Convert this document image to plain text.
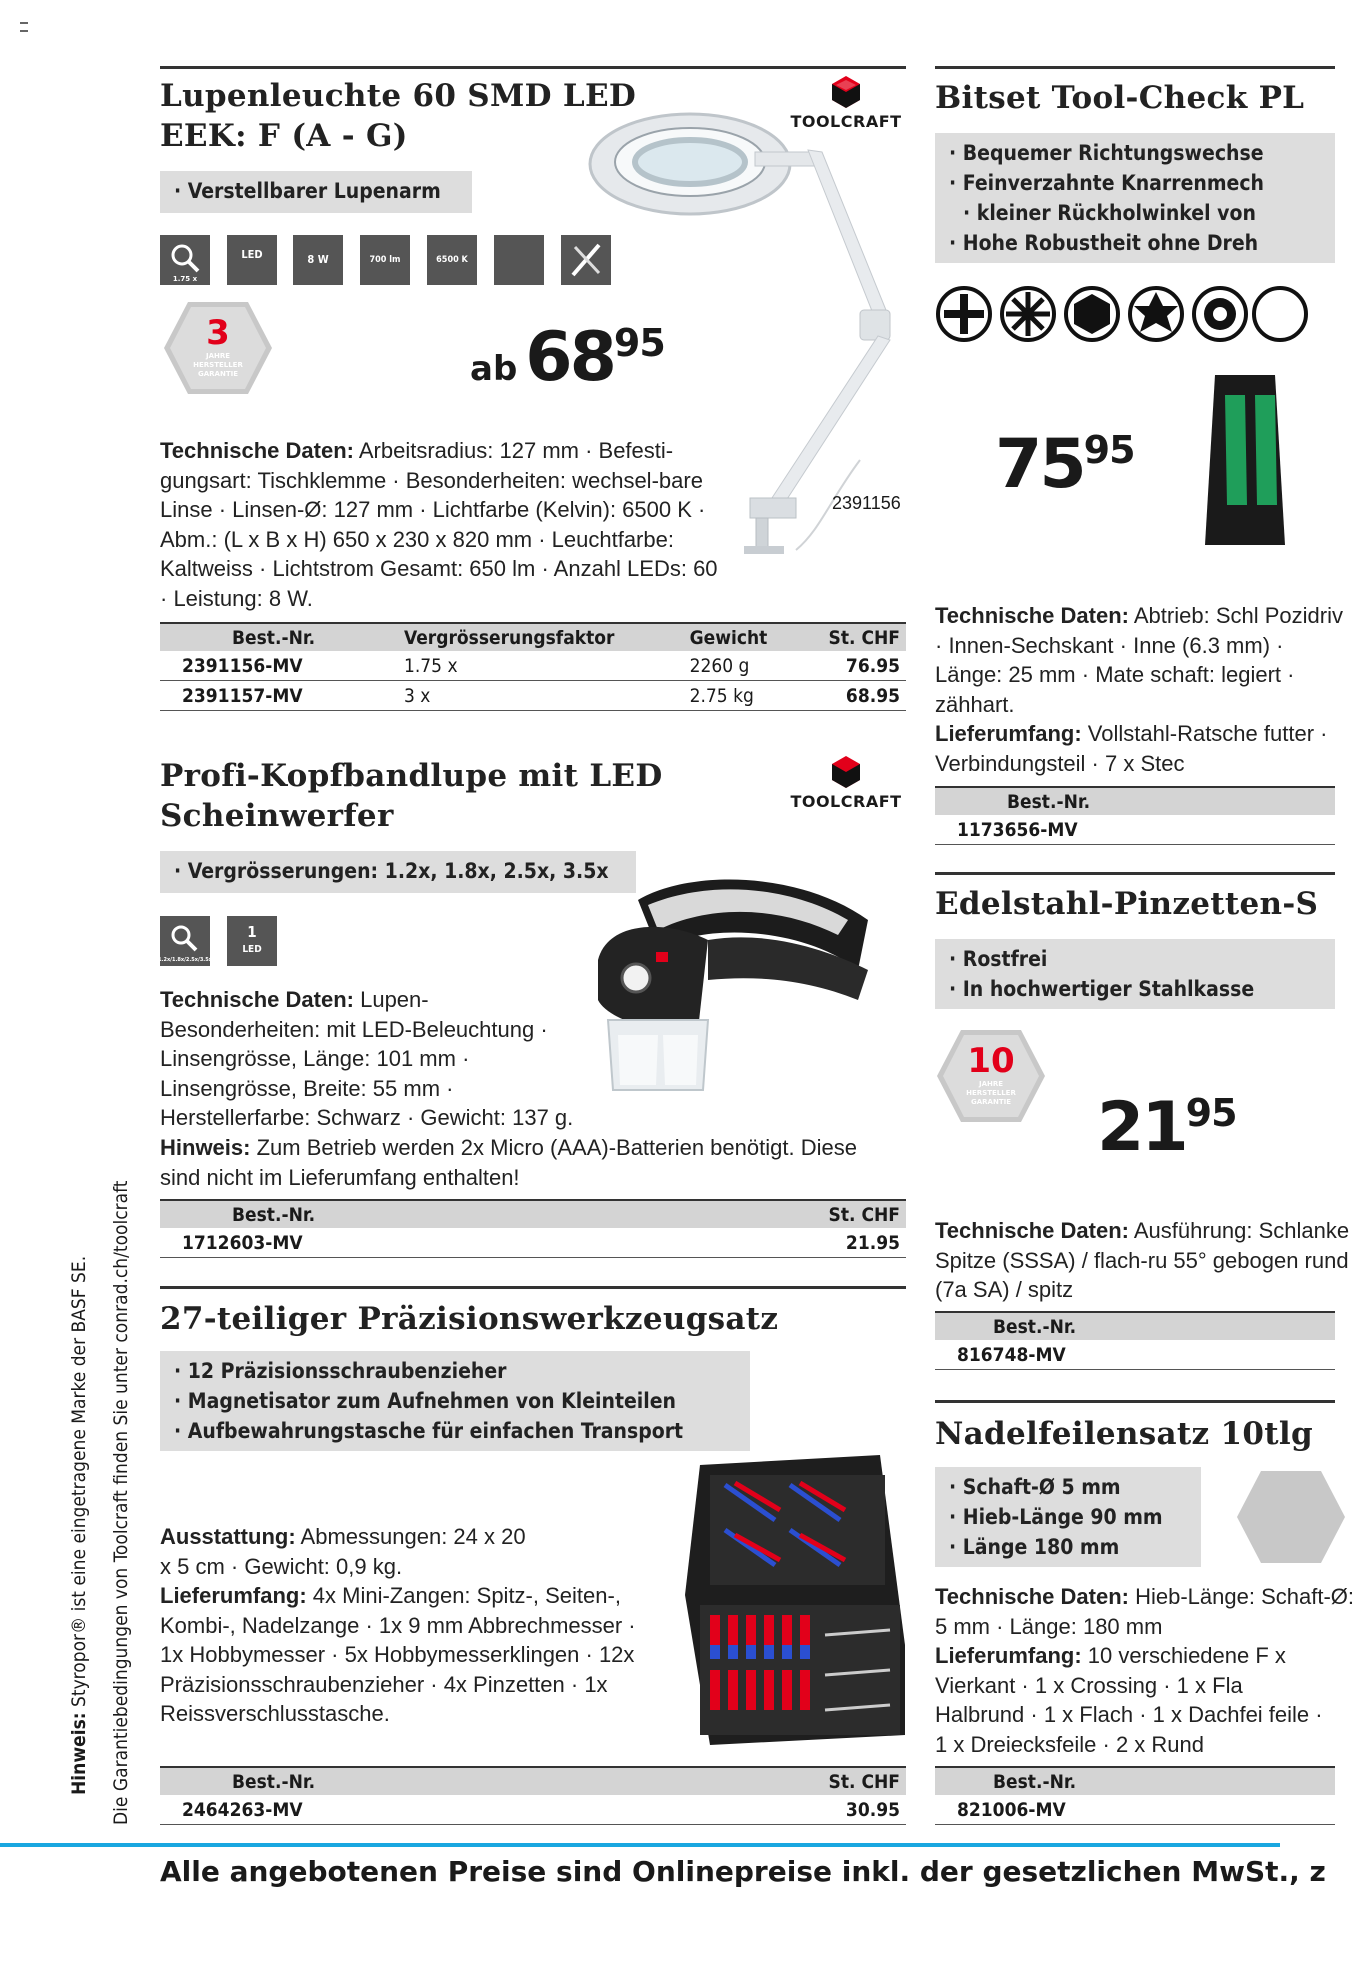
Hinweis: Styropor® ist eine eingetragene Marke der BASF SE. Die Garantiebedingungen von Toolcraft finden Sie unter conrad.ch/toolcraft
Lupenleuchte 60 SMD LED
EEK: F (A - G)	TOOLCRAFT
· Verstellbarer Lupenarm
1.75 x
LED	8 W	700 lm	6500 K
3
JAHRE
HERSTELLER
GARANTIE
2391156
ab $68^{95}$
Technische Daten: Arbeitsradius: 127 mm · Befesti-gungsart: Tischklemme · Besonderheiten: wechsel-bare Linse · Linsen-Ø: 127 mm · Lichtfarbe (Kelvin): 6500 K · Abm.: (L x B x H) 650 x 230 x 820 mm · Leuchtfarbe: Kaltweiss · Lichtstrom Gesamt: 650 lm · Anzahl LEDs: 60 · Leistung: 8 W.
Best.-Nr.	Vergrösserungsfaktor	Gewicht	St. CHF
2391156-MV	1.75 x	2260 g	76.95
2391157-MV	3 x	2.75 kg	68.95
Profi-Kopfbandlupe mit LED
Scheinwerfer	TOOLCRAFT
· Vergrösserungen: 1.2x, 1.8x, 2.5x, 3.5x
1.2x/1.8x/2.5x/3.5x
1
LED
Technische Daten: Lupen-Besonderheiten: mit LED-Beleuchtung · Linsengrösse, Länge: 101 mm · Linsengrösse, Breite: 55 mm · Herstellerfarbe: Schwarz · Gewicht: 137 g.
Hinweis: Zum Betrieb werden 2x Micro (AAA)-Batterien benötigt. Diese sind nicht im Lieferumfang enthalten!
Best.-Nr.	St. CHF
1712603-MV	21.95
27-teiliger Präzisionswerkzeugsatz
· 12 Präzisionsschraubenzieher
· Magnetisator zum Aufnehmen von Kleinteilen
· Aufbewahrungstasche für einfachen Transport
Ausstattung: Abmessungen: 24 x 20 x 5 cm · Gewicht: 0,9 kg.
Lieferumfang: 4x Mini-Zangen: Spitz-, Seiten-, Kombi-, Nadelzange · 1x 9 mm Abbrechmesser · 1x Hobbymesser · 5x Hobbymesserklingen · 12x Präzisionsschraubenzieher · 4x Pinzetten · 1x Reissverschlusstasche.
Best.-Nr.	St. CHF
2464263-MV	30.95
Bitset Tool-Check PL
· Bequemer Richtungswechse
· Feinverzahnte Knarrenmech
· kleiner Rückholwinkel von
· Hohe Robustheit ohne Dreh
$75^{95}$
Technische Daten: Abtrieb: Schl Pozidriv · Innen-Sechskant · Inne (6.3 mm) · Länge: 25 mm · Mate schaft: legiert · zähhart.
Lieferumfang: Vollstahl-Ratsche futter · Verbindungsteil · 7 x Stec
Best.-Nr.
1173656-MV
Edelstahl-Pinzetten-S
· Rostfrei
· In hochwertiger Stahlkasse
10
JAHRE
HERSTELLER
GARANTIE $21^{95}$
Technische Daten: Ausführung: Schlanke Spitze (SSSA) / flach-ru 55° gebogen rund (7a SA) / spitz
Best.-Nr.
816748-MV
Nadelfeilensatz 10tlg
· Schaft-Ø 5 mm
· Hieb-Länge 90 mm
· Länge 180 mm
Technische Daten: Hieb-Länge: Schaft-Ø: 5 mm · Länge: 180 mm
Lieferumfang: 10 verschiedene F x Vierkant · 1 x Crossing · 1 x Fla Halbrund · 1 x Flach · 1 x Dachfei feile · 1 x Dreiecksfeile · 2 x Rund
Best.-Nr.
821006-MV
Alle angebotenen Preise sind Onlinepreise inkl. der gesetzlichen MwSt., z
